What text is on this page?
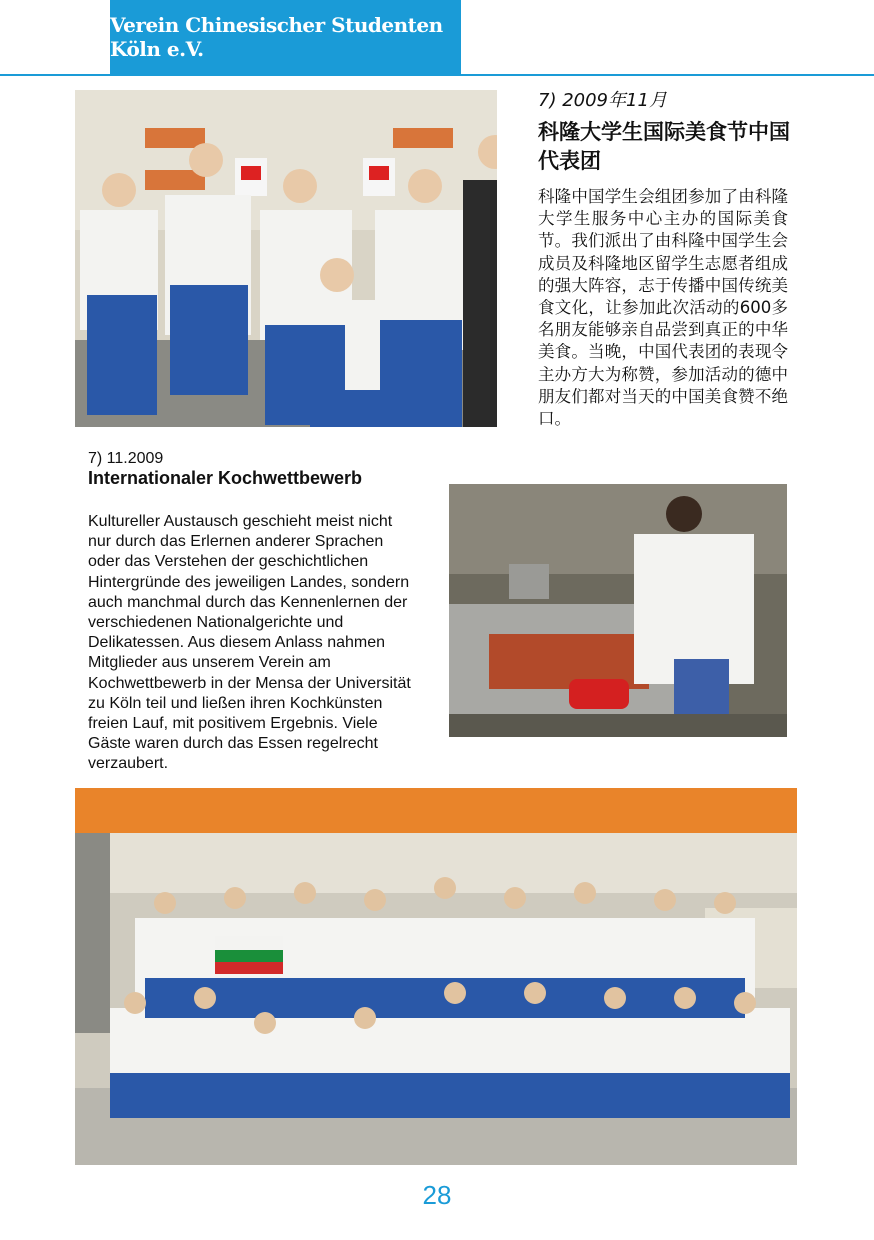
Verein Chinesischer Studenten Köln e.V.
7) 2009年11月
科隆大学生国际美食节中国代表团
科隆中国学生会组团参加了由科隆大学生服务中心主办的国际美食节。我们派出了由科隆中国学生会成员及科隆地区留学生志愿者组成的强大阵容，志于传播中国传统美食文化，让参加此次活动的600多名朋友能够亲自品尝到真正的中华美食。当晚，中国代表团的表现令主办方大为称赞，参加活动的德中朋友们都对当天的中国美食赞不绝口。
7) 11.2009
Internationaler Kochwettbewerb
Kultureller Austausch geschieht meist nicht nur durch das Erlernen anderer Sprachen oder das Verstehen der geschichtlichen Hintergründe des jeweiligen Landes, sondern auch manchmal durch das Kennenlernen der verschiedenen Nationalgerichte und Delikatessen. Aus diesem Anlass nahmen Mitglieder aus unserem Verein am Kochwettbewerb in der Mensa der Universität zu Köln teil und ließen ihren Kochkünsten freien Lauf, mit positivem Ergebnis. Viele Gäste waren durch das Essen regelrecht verzaubert.
28
